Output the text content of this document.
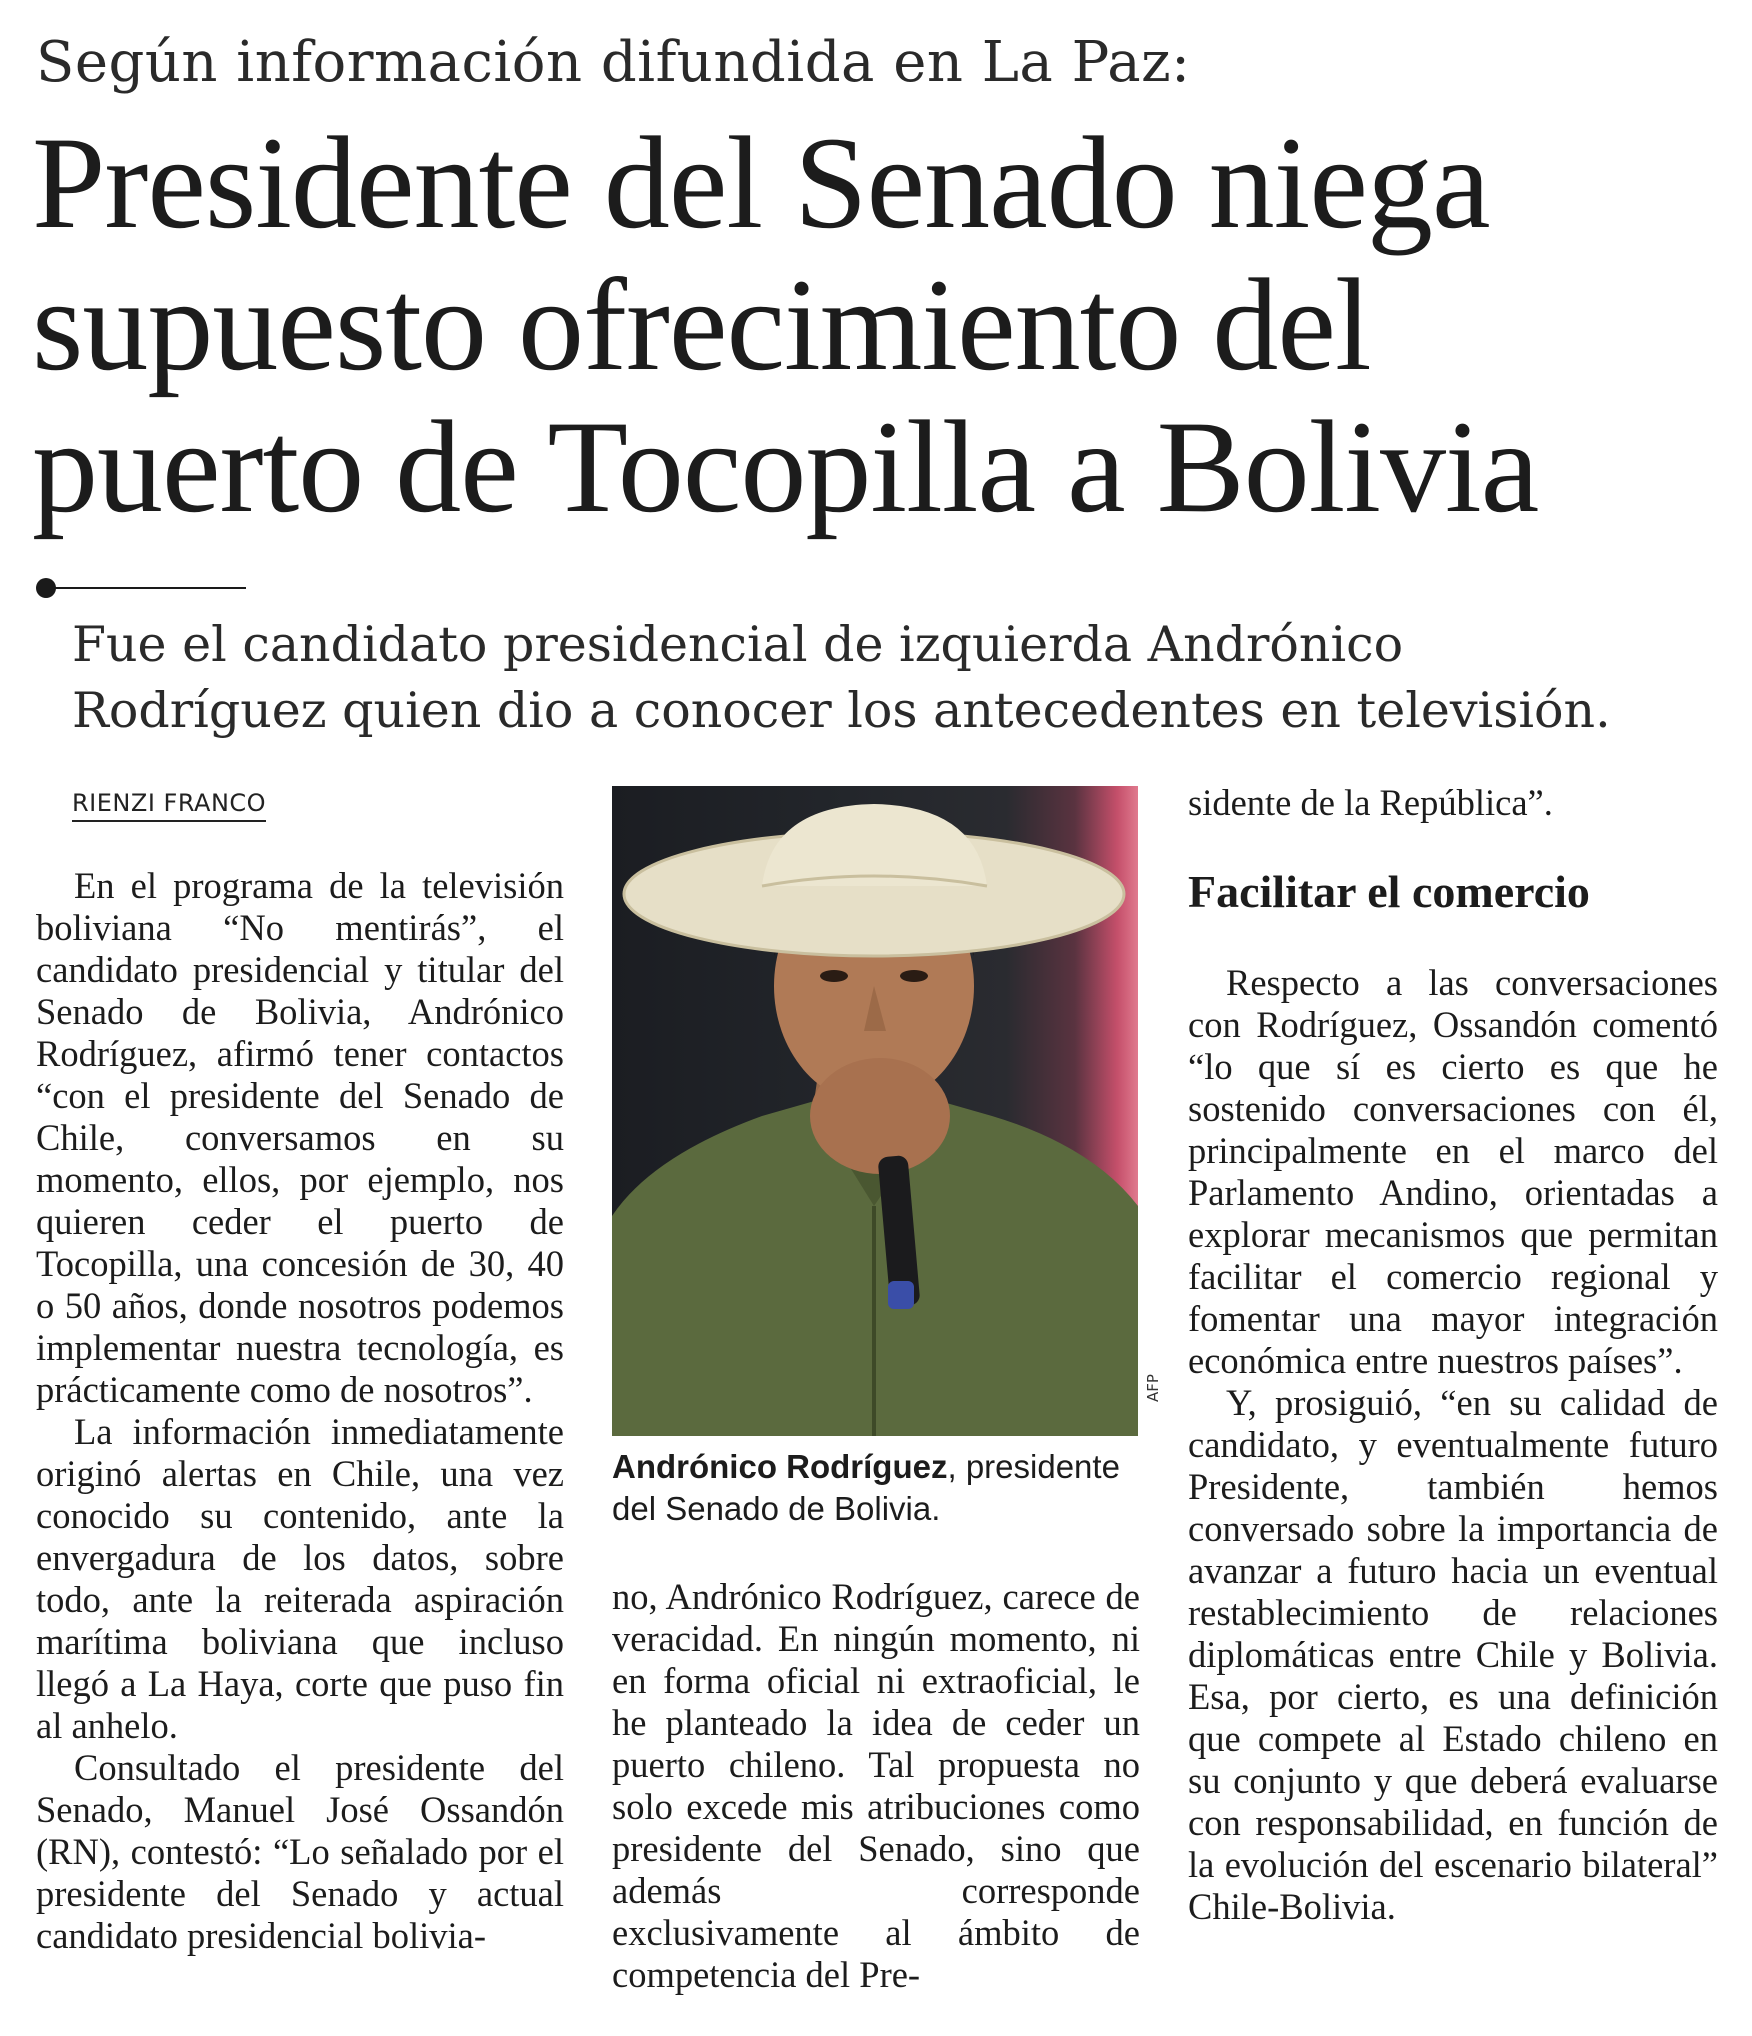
Según información difundida en La Paz:
Presidente del Senado niega
supuesto ofrecimiento del
puerto de Tocopilla a Bolivia
Fue el candidato presidencial de izquierda Andrónico
Rodríguez quien dio a conocer los antecedentes en televisión.
RIENZI FRANCO

En el programa de la televisión boliviana “No mentirás”, el candidato presidencial y titular del Senado de Bolivia, Andrónico Rodríguez, afirmó tener contactos “con el presidente del Senado de Chile, conversamos en su momento, ellos, por ejemplo, nos quieren ceder el puerto de Tocopilla, una concesión de 30, 40 o 50 años, donde nosotros podemos implementar nuestra tecnología, es prácticamente como de nosotros”.

La información inmediatamente originó alertas en Chile, una vez conocido su contenido, ante la envergadura de los datos, sobre todo, ante la reiterada aspiración marítima boliviana que incluso llegó a La Haya, corte que puso fin al anhelo.

Consultado el presidente del Senado, Manuel José Ossandón (RN), contestó: “Lo señalado por el presidente del Senado y actual candidato presidencial bolivia-

AFP
Andrónico Rodríguez, presidente del Senado de Bolivia.

no, Andrónico Rodríguez, carece de veracidad. En ningún momento, ni en forma oficial ni extraoficial, le he planteado la idea de ceder un puerto chileno. Tal propuesta no solo excede mis atribuciones como presidente del Senado, sino que además corresponde exclusivamente al ámbito de competencia del Pre-

sidente de la República”.

Facilitar el comercio

Respecto a las conversaciones con Rodríguez, Ossandón comentó “lo que sí es cierto es que he sostenido conversaciones con él, principalmente en el marco del Parlamento Andino, orientadas a explorar mecanismos que permitan facilitar el comercio regional y fomentar una mayor integración económica entre nuestros países”.

Y, prosiguió, “en su calidad de candidato, y eventualmente futuro Presidente, también hemos conversado sobre la importancia de avanzar a futuro hacia un eventual restablecimiento de relaciones diplomáticas entre Chile y Bolivia. Esa, por cierto, es una definición que compete al Estado chileno en su conjunto y que deberá evaluarse con responsabilidad, en función de la evolución del escenario bilateral” Chile-Bolivia.
